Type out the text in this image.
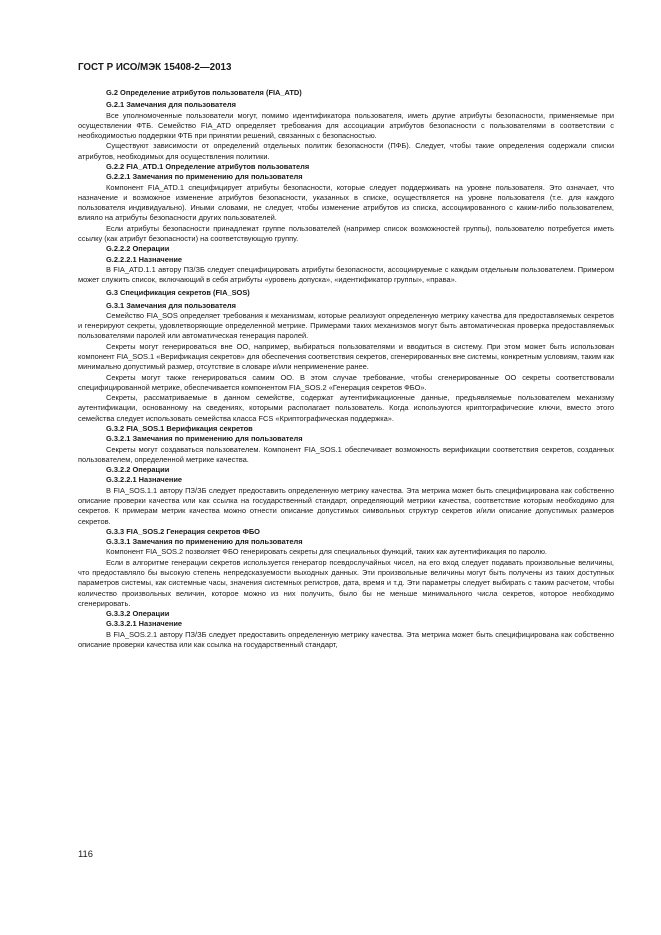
ГОСТ Р ИСО/МЭК 15408-2—2013
G.2 Определение атрибутов пользователя (FIA_ATD)
G.2.1 Замечания для пользователя

Все уполномоченные пользователи могут, помимо идентификатора пользователя, иметь другие атрибуты безопасности, применяемые при осуществлении ФТБ. Семейство FIA_ATD определяет требования для ассоциации атрибутов безопасности с пользователями в соответствии с необходимостью поддержки ФТБ при принятии решений, связанных с безопасностью.

Существуют зависимости от определений отдельных политик безопасности (ПФБ). Следует, чтобы такие определения содержали списки атрибутов, необходимых для осуществления политики.

G.2.2 FIA_ATD.1 Определение атрибутов пользователя
G.2.2.1 Замечания по применению для пользователя

Компонент FIA_ATD.1 специфицирует атрибуты безопасности, которые следует поддерживать на уровне пользователя. Это означает, что назначение и возможное изменение атрибутов безопасности, указанных в списке, осуществляется на уровне пользователя (т.е. для каждого пользователя индивидуально). Иными словами, не следует, чтобы изменение атрибутов из списка, ассоциированного с каким-либо пользователем, влияло на атрибуты безопасности других пользователей.

Если атрибуты безопасности принадлежат группе пользователей (например список возможностей группы), пользователю потребуется иметь ссылку (как атрибут безопасности) на соответствующую группу.

G.2.2.2 Операции
G.2.2.2.1 Назначение

В FIA_ATD.1.1 автору ПЗ/ЗБ следует специфицировать атрибуты безопасности, ассоциируемые с каждым отдельным пользователем. Примером может служить список, включающий в себя атрибуты «уровень допуска», «идентификатор группы», «права».

G.3 Спецификация секретов (FIA_SOS)
G.3.1 Замечания для пользователя

Семейство FIA_SOS определяет требования к механизмам, которые реализуют определенную метрику качества для предоставляемых секретов и генерируют секреты, удовлетворяющие определенной метрике. Примерами таких механизмов могут быть автоматическая проверка предоставляемых пользователями паролей или автоматическая генерация паролей.

Секреты могут генерироваться вне ОО, например, выбираться пользователями и вводиться в систему. При этом может быть использован компонент FIA_SOS.1 «Верификация секретов» для обеспечения соответствия секретов, сгенерированных вне системы, конкретным условиям, таким как минимально допустимый размер, отсутствие в словаре и/или неприменение ранее.

Секреты могут также генерироваться самим ОО. В этом случае требование, чтобы сгенерированные ОО секреты соответствовали специфицированной метрике, обеспечивается компонентом FIA_SOS.2 «Генерация секретов ФБО».

Секреты, рассматриваемые в данном семействе, содержат аутентификационные данные, предъявляемые пользователем механизму аутентификации, основанному на сведениях, которыми располагает пользователь. Когда используются криптографические ключи, вместо этого семейства следует использовать семейства класса FCS «Криптографическая поддержка».

G.3.2 FIA_SOS.1 Верификация секретов
G.3.2.1 Замечания по применению для пользователя

Секреты могут создаваться пользователем. Компонент FIA_SOS.1 обеспечивает возможность верификации соответствия секретов, созданных пользователем, определенной метрике качества.

G.3.2.2 Операции
G.3.2.2.1 Назначение

В FIA_SOS.1.1 автору ПЗ/ЗБ следует предоставить определенную метрику качества. Эта метрика может быть специфицирована как собственно описание проверки качества или как ссылка на государственный стандарт, определяющий метрики качества, соответствие которым необходимо для секретов. К примерам метрик качества можно отнести описание допустимых символьных структур секретов и/или описание допустимых размеров секретов.

G.3.3 FIA_SOS.2 Генерация секретов ФБО
G.3.3.1 Замечания по применению для пользователя

Компонент FIA_SOS.2 позволяет ФБО генерировать секреты для специальных функций, таких как аутентификация по паролю.

Если в алгоритме генерации секретов используется генератор псевдослучайных чисел, на его вход следует подавать произвольные величины, что предоставляло бы высокую степень непредсказуемости выходных данных. Эти произвольные величины могут быть получены из таких доступных параметров системы, как системные часы, значения системных регистров, дата, время и т.д. Эти параметры следует выбирать с таким расчетом, чтобы количество произвольных величин, которое можно из них получить, было бы не меньше минимального числа секретов, которое необходимо сгенерировать.

G.3.3.2 Операции
G.3.3.2.1 Назначение

В FIA_SOS.2.1 автору ПЗ/ЗБ следует предоставить определенную метрику качества. Эта метрика может быть специфицирована как собственно описание проверки качества или как ссылка на государственный стандарт,

116
